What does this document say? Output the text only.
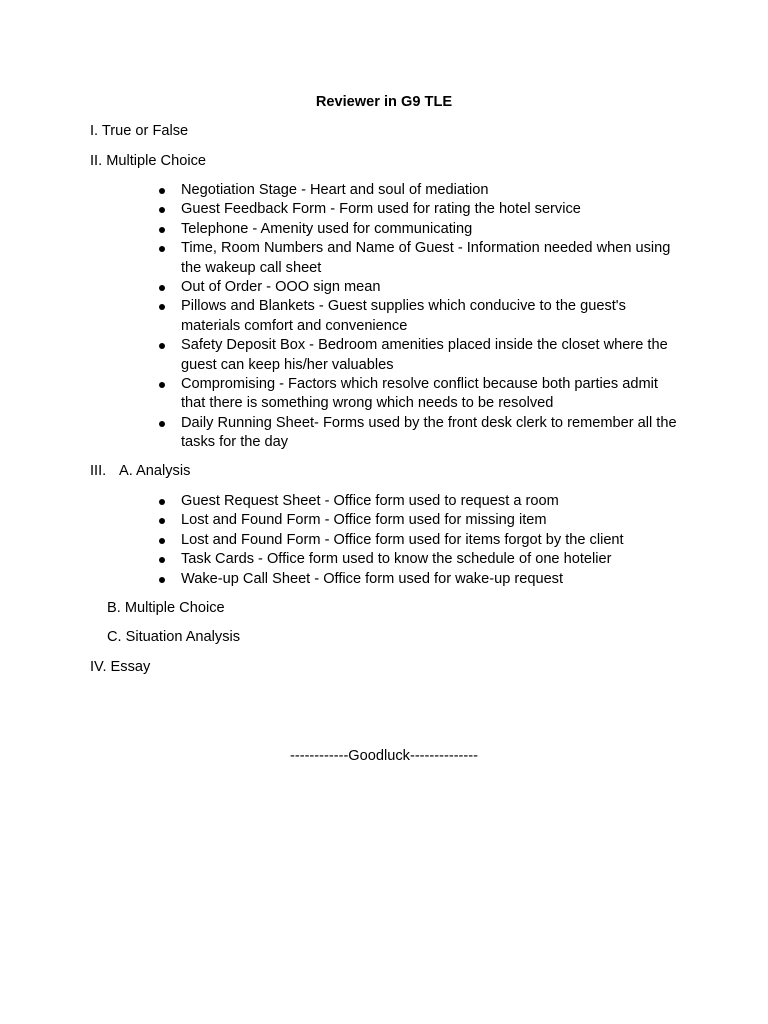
Reviewer in G9 TLE
I. True or False
II. Multiple Choice
Negotiation Stage - Heart and soul of mediation
Guest Feedback Form - Form used for rating the hotel service
Telephone - Amenity used for communicating
Time, Room Numbers and Name of Guest - Information needed when using the wakeup call sheet
Out of Order - OOO sign mean
Pillows and Blankets - Guest supplies which conducive to the guest's materials comfort and convenience
Safety Deposit Box - Bedroom amenities placed inside the closet where the guest can keep his/her valuables
Compromising - Factors which resolve conflict because both parties admit that there is something wrong which needs to be resolved
Daily Running Sheet- Forms used by the front desk clerk to remember all the tasks for the day
III. A. Analysis
Guest Request Sheet - Office form used to request a room
Lost and Found Form - Office form used for missing item
Lost and Found Form - Office form used for items forgot by the client
Task Cards - Office form used to know the schedule of one hotelier
Wake-up Call Sheet - Office form used for wake-up request
B. Multiple Choice
C. Situation Analysis
IV. Essay
------------Goodluck--------------
